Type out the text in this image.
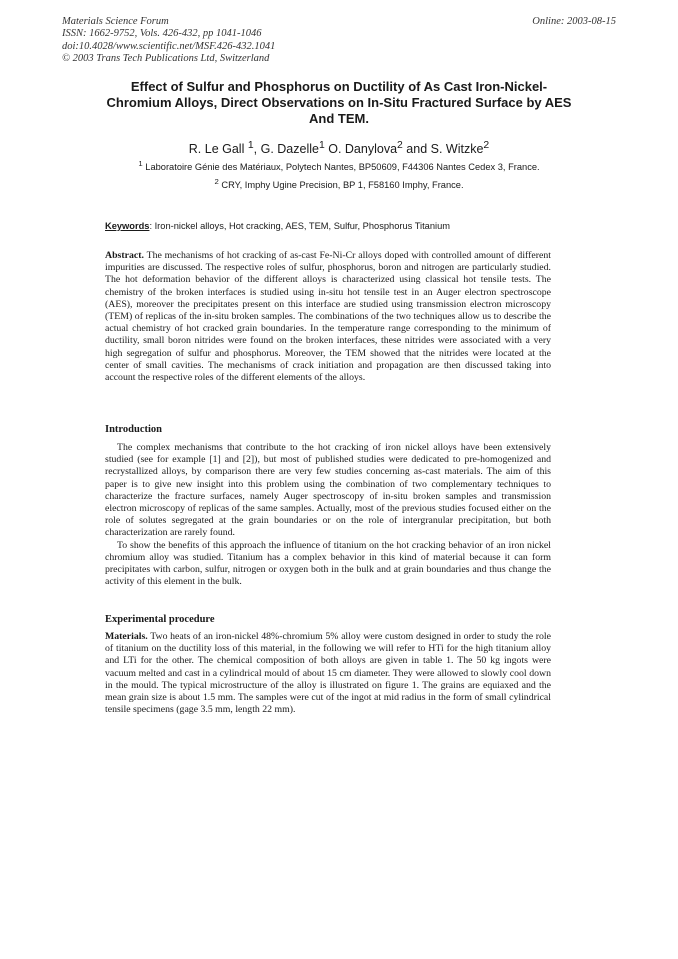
Materials Science Forum
ISSN: 1662-9752, Vols. 426-432, pp 1041-1046
doi:10.4028/www.scientific.net/MSF.426-432.1041
© 2003 Trans Tech Publications Ltd, Switzerland
Online: 2003-08-15
Effect of Sulfur and Phosphorus on Ductility of As Cast Iron-Nickel-Chromium Alloys, Direct Observations on In-Situ Fractured Surface by AES And TEM.
R. Le Gall $^1$, G. Dazelle$^1$ O. Danylova$^2$ and S. Witzke$^2$
$^1$ Laboratoire Génie des Matériaux, Polytech Nantes, BP50609, F44306 Nantes Cedex 3, France.
$^2$ CRY, Imphy Ugine Precision, BP 1, F58160 Imphy, France.
Keywords: Iron-nickel alloys, Hot cracking, AES, TEM, Sulfur, Phosphorus Titanium

Abstract. The mechanisms of hot cracking of as-cast Fe-Ni-Cr alloys doped with controlled amount of different impurities are discussed. The respective roles of sulfur, phosphorus, boron and nitrogen are particularly studied. The hot deformation behavior of the different alloys is characterized using classical hot tensile tests. The chemistry of the broken interfaces is studied using in-situ hot tensile test in an Auger electron spectroscope (AES), moreover the precipitates present on this interface are studied using transmission electron microscopy (TEM) of replicas of the in-situ broken samples. The combinations of the two techniques allow us to describe the actual chemistry of hot cracked grain boundaries. In the temperature range corresponding to the minimum of ductility, small boron nitrides were found on the broken interfaces, these nitrides were associated with a very high segregation of sulfur and phosphorus. Moreover, the TEM showed that the nitrides were located at the center of small cavities. The mechanisms of crack initiation and propagation are then discussed taking into account the respective roles of the different elements of the alloys.

Introduction

The complex mechanisms that contribute to the hot cracking of iron nickel alloys have been extensively studied (see for example [1] and [2]), but most of published studies were dedicated to pre-homogenized and recrystallized alloys, by comparison there are very few studies concerning as-cast materials. The aim of this paper is to give new insight into this problem using the combination of two complementary techniques to characterize the fracture surfaces, namely Auger spectroscopy of in-situ broken samples and transmission electron microscopy of replicas of the same samples. Actually, most of the previous studies focused either on the role of solutes segregated at the grain boundaries or on the role of intergranular precipitation, but both characterization are rarely found.

To show the benefits of this approach the influence of titanium on the hot cracking behavior of an iron nickel chromium alloy was studied. Titanium has a complex behavior in this kind of material because it can form precipitates with carbon, sulfur, nitrogen or oxygen both in the bulk and at grain boundaries and thus change the activity of this element in the bulk.

Experimental procedure

Materials. Two heats of an iron-nickel 48%-chromium 5% alloy were custom designed in order to study the role of titanium on the ductility loss of this material, in the following we will refer to HTi for the high titanium alloy and LTi for the other. The chemical composition of both alloys are given in table 1. The 50 kg ingots were vacuum melted and cast in a cylindrical mould of about 15 cm diameter. They were allowed to slowly cool down in the mould. The typical microstructure of the alloy is illustrated on figure 1. The grains are equiaxed and the mean grain size is about 1.5 mm. The samples were cut of the ingot at mid radius in the form of small cylindrical tensile specimens (gage 3.5 mm, length 22 mm).
